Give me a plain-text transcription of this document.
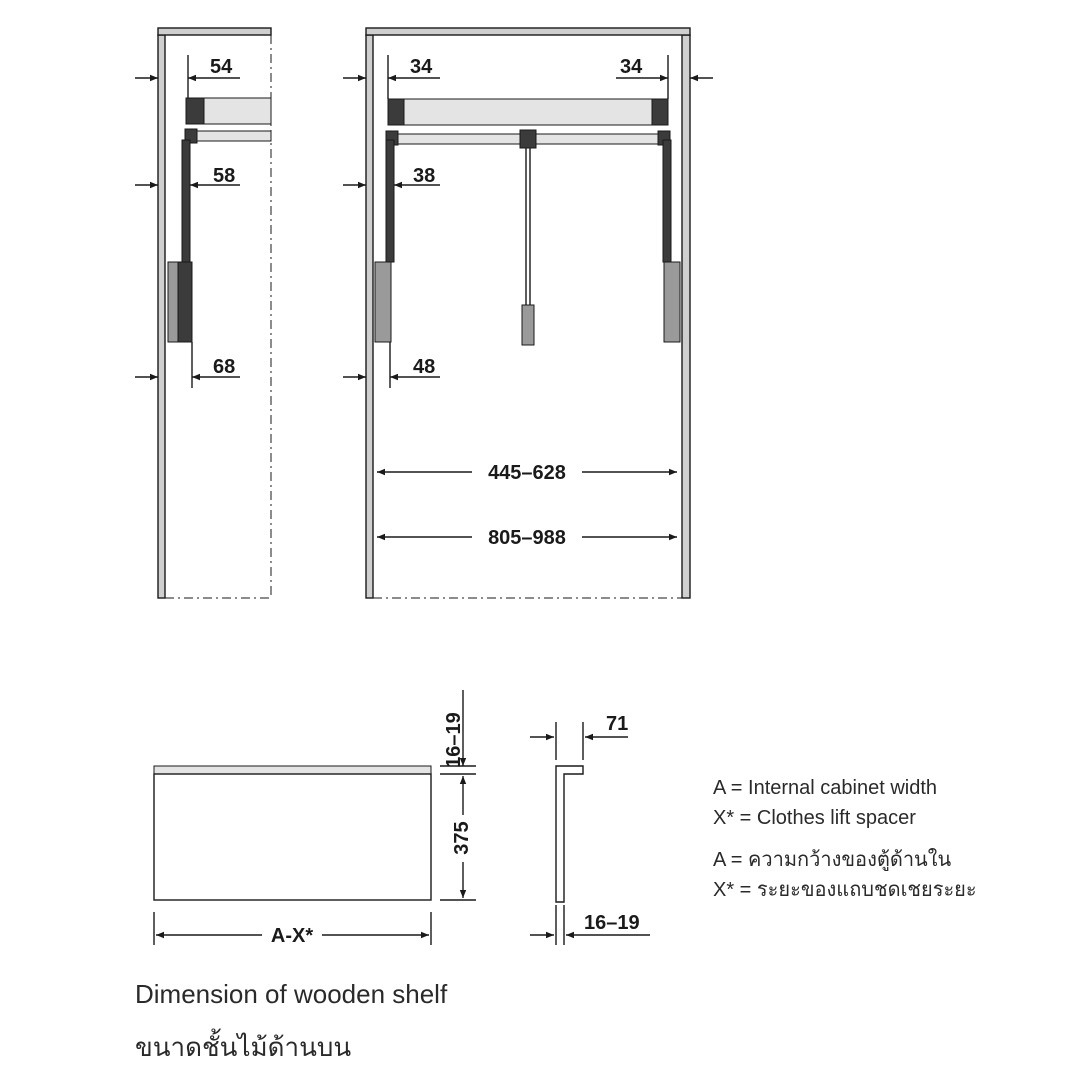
54
58
68
34	34
38
48
445–628
805–988
16–19
375
A-X*
71
16–19
A = Internal cabinet width
X* = Clothes lift spacer
A = ความกว้างของตู้ด้านใน
X* = ระยะของแถบชดเชยระยะ
Dimension of wooden shelf
ขนาดชั้นไม้ด้านบน
